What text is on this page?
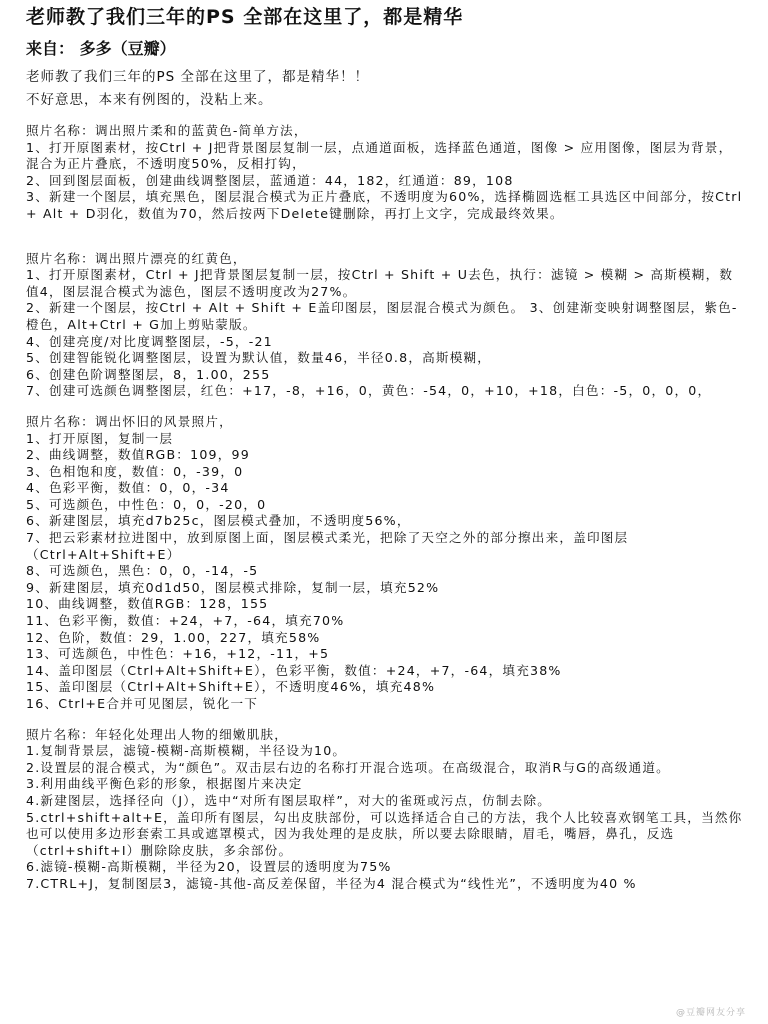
老师教了我们三年的PS 全部在这里了，都是精华
来自： 多多（豆瓣）
老师教了我们三年的PS 全部在这里了，都是精华！！
不好意思，本来有例图的，没粘上来。
照片名称：调出照片柔和的蓝黄色-简单方法，
1、打开原图素材，按Ctrl + J把背景图层复制一层，点通道面板，选择蓝色通道，图像 > 应用图像，图层为背景，混合为正片叠底，不透明度50%，反相打钩，
2、回到图层面板，创建曲线调整图层，蓝通道：44，182，红通道：89，108
3、新建一个图层，填充黑色，图层混合模式为正片叠底，不透明度为60%，选择椭圆选框工具选区中间部分，按Ctrl + Alt + D羽化，数值为70，然后按两下Delete键删除，再打上文字，完成最终效果。
照片名称：调出照片漂亮的红黄色，
1、打开原图素材，Ctrl + J把背景图层复制一层，按Ctrl + Shift + U去色，执行：滤镜 > 模糊 > 高斯模糊，数值4，图层混合模式为滤色，图层不透明度改为27%。
2、新建一个图层，按Ctrl + Alt + Shift + E盖印图层，图层混合模式为颜色。 3、创建渐变映射调整图层，紫色-橙色，Alt+Ctrl + G加上剪贴蒙版。
4、创建亮度/对比度调整图层，-5，-21
5、创建智能锐化调整图层，设置为默认值，数量46，半径0.8，高斯模糊，
6、创建色阶调整图层，8，1.00，255
7、创建可选颜色调整图层，红色：+17，-8，+16，0，黄色：-54，0，+10，+18，白色：-5，0，0，0，
照片名称：调出怀旧的风景照片，
1、打开原图，复制一层
2、曲线调整，数值RGB：109，99
3、色相饱和度，数值：0，-39，0
4、色彩平衡，数值：0，0，-34
5、可选颜色，中性色：0，0，-20，0
6、新建图层，填充d7b25c，图层模式叠加，不透明度56%，
7、把云彩素材拉进图中，放到原图上面，图层模式柔光，把除了天空之外的部分擦出来，盖印图层（Ctrl+Alt+Shift+E）
8、可选颜色，黑色：0，0，-14，-5
9、新建图层，填充0d1d50，图层模式排除，复制一层，填充52%
10、曲线调整，数值RGB：128，155
11、色彩平衡，数值：+24，+7，-64，填充70%
12、色阶，数值：29，1.00，227，填充58%
13、可选颜色，中性色：+16，+12，-11，+5
14、盖印图层（Ctrl+Alt+Shift+E），色彩平衡，数值：+24，+7，-64，填充38%
15、盖印图层（Ctrl+Alt+Shift+E），不透明度46%，填充48%
16、Ctrl+E合并可见图层，锐化一下
照片名称：年轻化处理出人物的细嫩肌肤，
1.复制背景层，滤镜-模糊-高斯模糊，半径设为10。
2.设置层的混合模式，为“颜色”。双击层右边的名称打开混合选项。在高级混合，取消R与G的高级通道。
3.利用曲线平衡色彩的形象，根据图片来决定
4.新建图层，选择径向（J），选中“对所有图层取样”，对大的雀斑或污点，仿制去除。
5.ctrl+shift+alt+E，盖印所有图层，勾出皮肤部份，可以选择适合自己的方法，我个人比较喜欢钢笔工具，当然你也可以使用多边形套索工具或遮罩模式，因为我处理的是皮肤，所以要去除眼睛，眉毛，嘴唇，鼻孔，反选（ctrl+shift+I）删除除皮肤，多余部份。
6.滤镜-模糊-高斯模糊，半径为20，设置层的透明度为75%
7.CTRL+J，复制图层3，滤镜-其他-高反差保留，半径为4 混合模式为“线性光”，不透明度为40 %
@豆瓣网友分享
